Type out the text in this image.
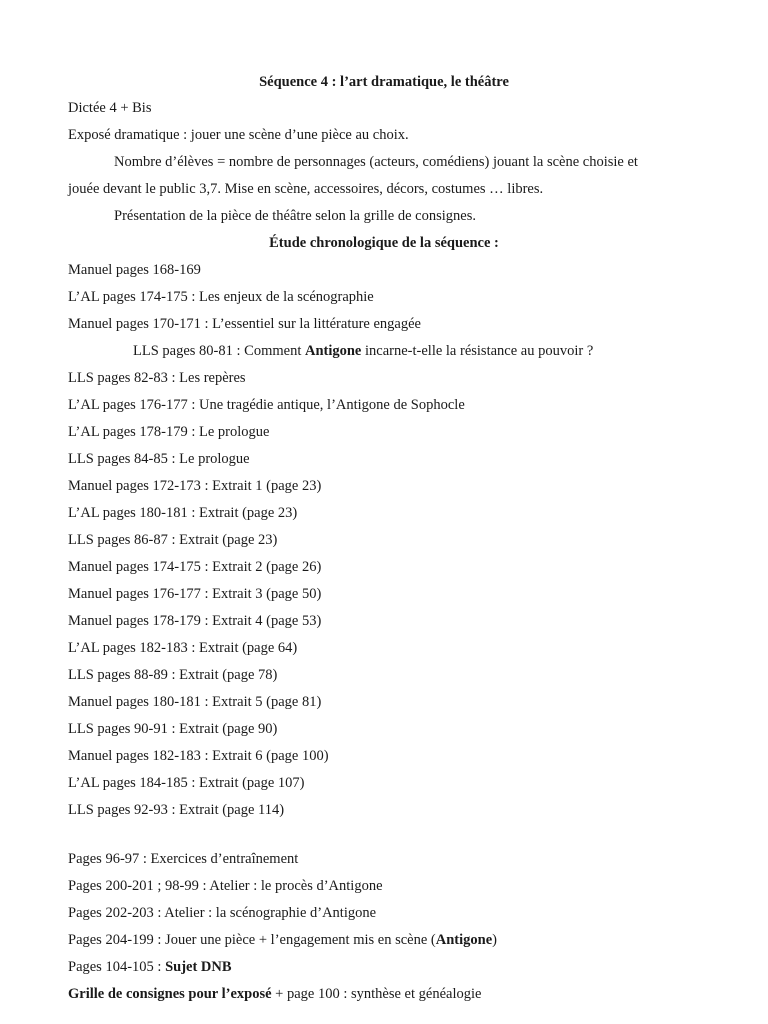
Séquence 4 : l’art dramatique, le théâtre
Dictée 4 + Bis
Exposé dramatique : jouer une scène d’une pièce au choix.
Nombre d’élèves = nombre de personnages (acteurs, comédiens) jouant la scène choisie et
jouée devant le public 3,7. Mise en scène, accessoires, décors, costumes … libres.
Présentation de la pièce de théâtre selon la grille de consignes.
Étude chronologique de la séquence :
Manuel pages 168-169
L’AL pages 174-175 : Les enjeux de la scénographie
Manuel pages 170-171 : L’essentiel sur la littérature engagée
LLS pages 80-81 : Comment Antigone incarne-t-elle la résistance au pouvoir ?
LLS pages 82-83 : Les repères
L’AL pages 176-177 : Une tragédie antique, l’Antigone de Sophocle
L’AL pages 178-179 : Le prologue
LLS pages 84-85 : Le prologue
Manuel pages 172-173 : Extrait 1 (page 23)
L’AL pages 180-181 : Extrait (page 23)
LLS pages 86-87 : Extrait (page 23)
Manuel pages 174-175 : Extrait 2 (page 26)
Manuel pages 176-177 : Extrait 3 (page 50)
Manuel pages 178-179 : Extrait 4 (page 53)
L’AL pages 182-183 : Extrait (page 64)
LLS pages 88-89 : Extrait (page 78)
Manuel pages 180-181 : Extrait 5 (page 81)
LLS pages 90-91 : Extrait (page 90)
Manuel pages 182-183 : Extrait 6 (page 100)
L’AL pages 184-185 : Extrait (page 107)
LLS pages 92-93 : Extrait (page 114)
Pages 96-97 : Exercices d’entraînement
Pages 200-201 ; 98-99 : Atelier : le procès d’Antigone
Pages 202-203 : Atelier : la scénographie d’Antigone
Pages 204-199 : Jouer une pièce + l’engagement mis en scène (Antigone)
Pages 104-105 : Sujet DNB
Grille de consignes pour l’exposé + page 100 : synthèse et généalogie
